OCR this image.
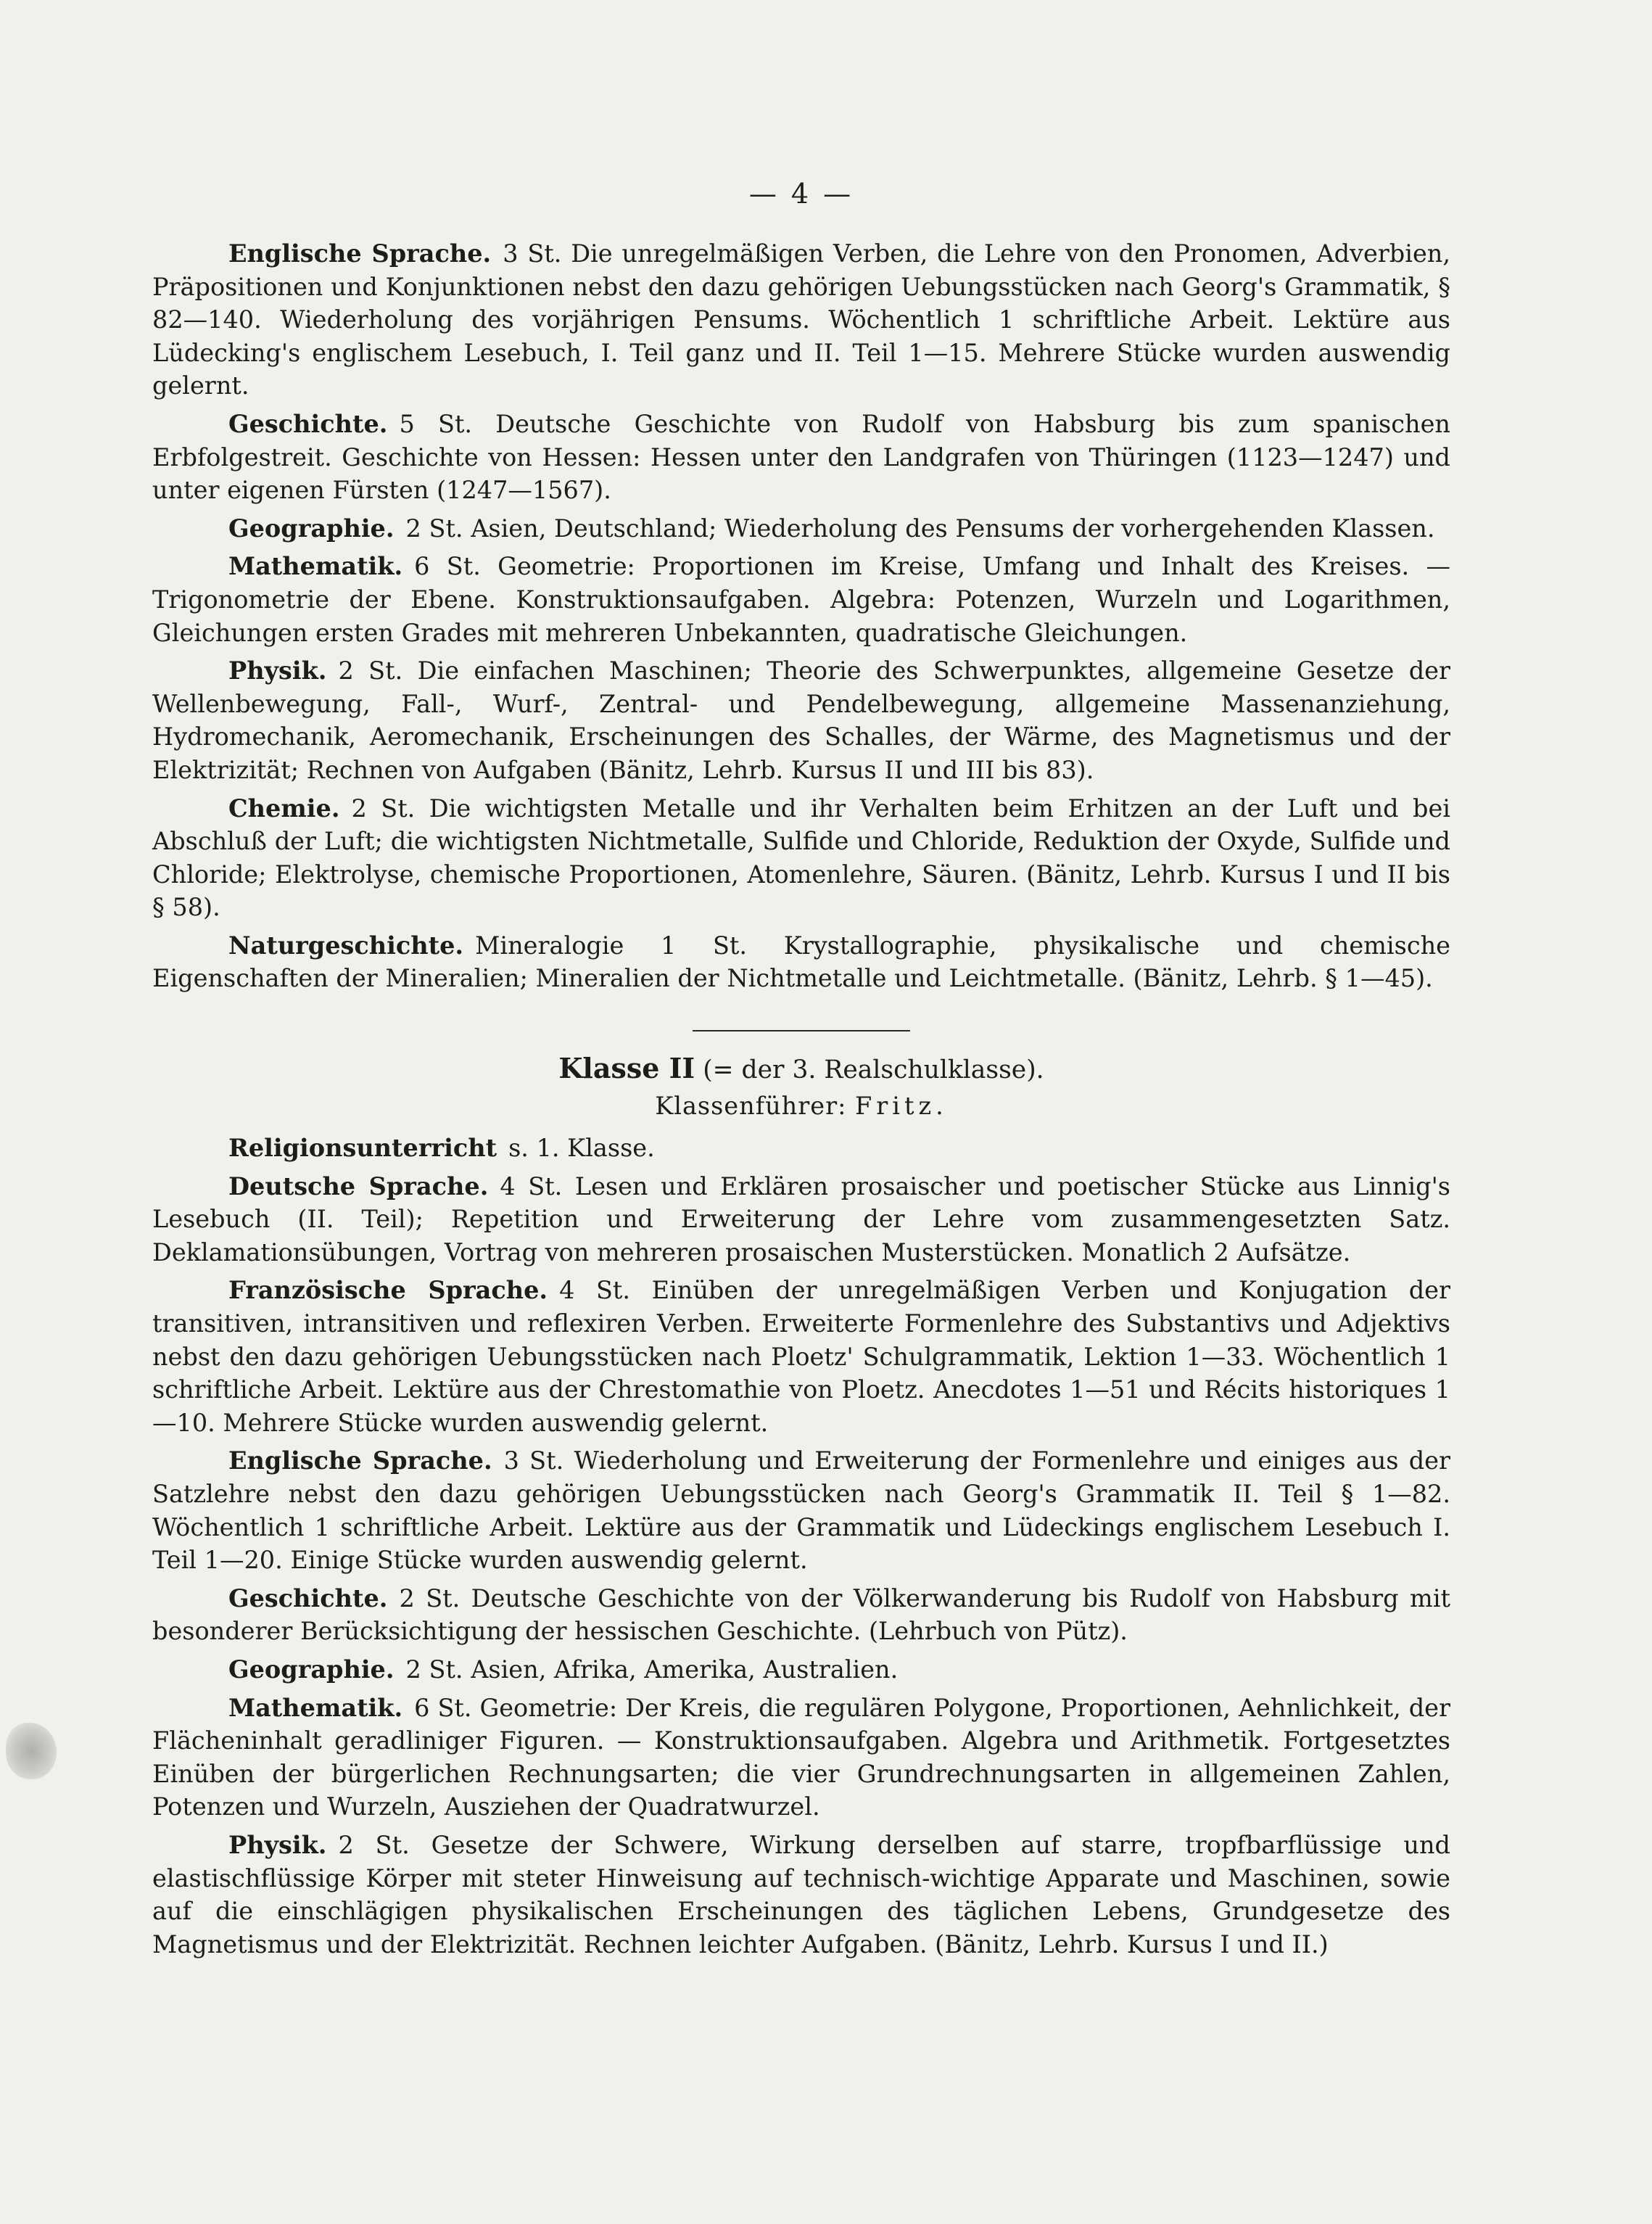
— 4 —

Englische Sprache. 3 St. Die unregelmäßigen Verben, die Lehre von den Pronomen, Adverbien, Präpositionen und Konjunktionen nebst den dazu gehörigen Uebungsstücken nach Georg's Grammatik, § 82—140. Wiederholung des vorjährigen Pensums. Wöchentlich 1 schriftliche Arbeit. Lektüre aus Lüdecking's englischem Lesebuch, I. Teil ganz und II. Teil 1—15. Mehrere Stücke wurden auswendig gelernt.

Geschichte. 5 St. Deutsche Geschichte von Rudolf von Habsburg bis zum spanischen Erbfolgestreit. Geschichte von Hessen: Hessen unter den Landgrafen von Thüringen (1123—1247) und unter eigenen Fürsten (1247—1567).

Geographie. 2 St. Asien, Deutschland; Wiederholung des Pensums der vorhergehenden Klassen.

Mathematik. 6 St. Geometrie: Proportionen im Kreise, Umfang und Inhalt des Kreises. — Trigonometrie der Ebene. Konstruktionsaufgaben. Algebra: Potenzen, Wurzeln und Logarithmen, Gleichungen ersten Grades mit mehreren Unbekannten, quadratische Gleichungen.

Physik. 2 St. Die einfachen Maschinen; Theorie des Schwerpunktes, allgemeine Gesetze der Wellenbewegung, Fall-, Wurf-, Zentral- und Pendelbewegung, allgemeine Massenanziehung, Hydromechanik, Aeromechanik, Erscheinungen des Schalles, der Wärme, des Magnetismus und der Elektrizität; Rechnen von Aufgaben (Bänitz, Lehrb. Kursus II und III bis 83).

Chemie. 2 St. Die wichtigsten Metalle und ihr Verhalten beim Erhitzen an der Luft und bei Abschluß der Luft; die wichtigsten Nichtmetalle, Sulfide und Chloride, Reduktion der Oxyde, Sulfide und Chloride; Elektrolyse, chemische Proportionen, Atomenlehre, Säuren. (Bänitz, Lehrb. Kursus I und II bis § 58).

Naturgeschichte. Mineralogie 1 St. Krystallographie, physikalische und chemische Eigenschaften der Mineralien; Mineralien der Nichtmetalle und Leichtmetalle. (Bänitz, Lehrb. § 1—45).

Klasse II (= der 3. Realschulklasse).
Klassenführer: Fritz.

Religionsunterricht s. 1. Klasse.

Deutsche Sprache. 4 St. Lesen und Erklären prosaischer und poetischer Stücke aus Linnig's Lesebuch (II. Teil); Repetition und Erweiterung der Lehre vom zusammengesetzten Satz. Deklamationsübungen, Vortrag von mehreren prosaischen Musterstücken. Monatlich 2 Aufsätze.

Französische Sprache. 4 St. Einüben der unregelmäßigen Verben und Konjugation der transitiven, intransitiven und reflexiren Verben. Erweiterte Formenlehre des Substantivs und Adjektivs nebst den dazu gehörigen Uebungsstücken nach Ploetz' Schulgrammatik, Lektion 1—33. Wöchentlich 1 schriftliche Arbeit. Lektüre aus der Chrestomathie von Ploetz. Anecdotes 1—51 und Récits historiques 1—10. Mehrere Stücke wurden auswendig gelernt.

Englische Sprache. 3 St. Wiederholung und Erweiterung der Formenlehre und einiges aus der Satzlehre nebst den dazu gehörigen Uebungsstücken nach Georg's Grammatik II. Teil § 1—82. Wöchentlich 1 schriftliche Arbeit. Lektüre aus der Grammatik und Lüdeckings englischem Lesebuch I. Teil 1—20. Einige Stücke wurden auswendig gelernt.

Geschichte. 2 St. Deutsche Geschichte von der Völkerwanderung bis Rudolf von Habsburg mit besonderer Berücksichtigung der hessischen Geschichte. (Lehrbuch von Pütz).

Geographie. 2 St. Asien, Afrika, Amerika, Australien.

Mathematik. 6 St. Geometrie: Der Kreis, die regulären Polygone, Proportionen, Aehnlichkeit, der Flächeninhalt geradliniger Figuren. — Konstruktionsaufgaben. Algebra und Arithmetik. Fortgesetztes Einüben der bürgerlichen Rechnungsarten; die vier Grundrechnungsarten in allgemeinen Zahlen, Potenzen und Wurzeln, Ausziehen der Quadratwurzel.

Physik. 2 St. Gesetze der Schwere, Wirkung derselben auf starre, tropfbarflüssige und elastischflüssige Körper mit steter Hinweisung auf technisch-wichtige Apparate und Maschinen, sowie auf die einschlägigen physikalischen Erscheinungen des täglichen Lebens, Grundgesetze des Magnetismus und der Elektrizität. Rechnen leichter Aufgaben. (Bänitz, Lehrb. Kursus I und II.)
